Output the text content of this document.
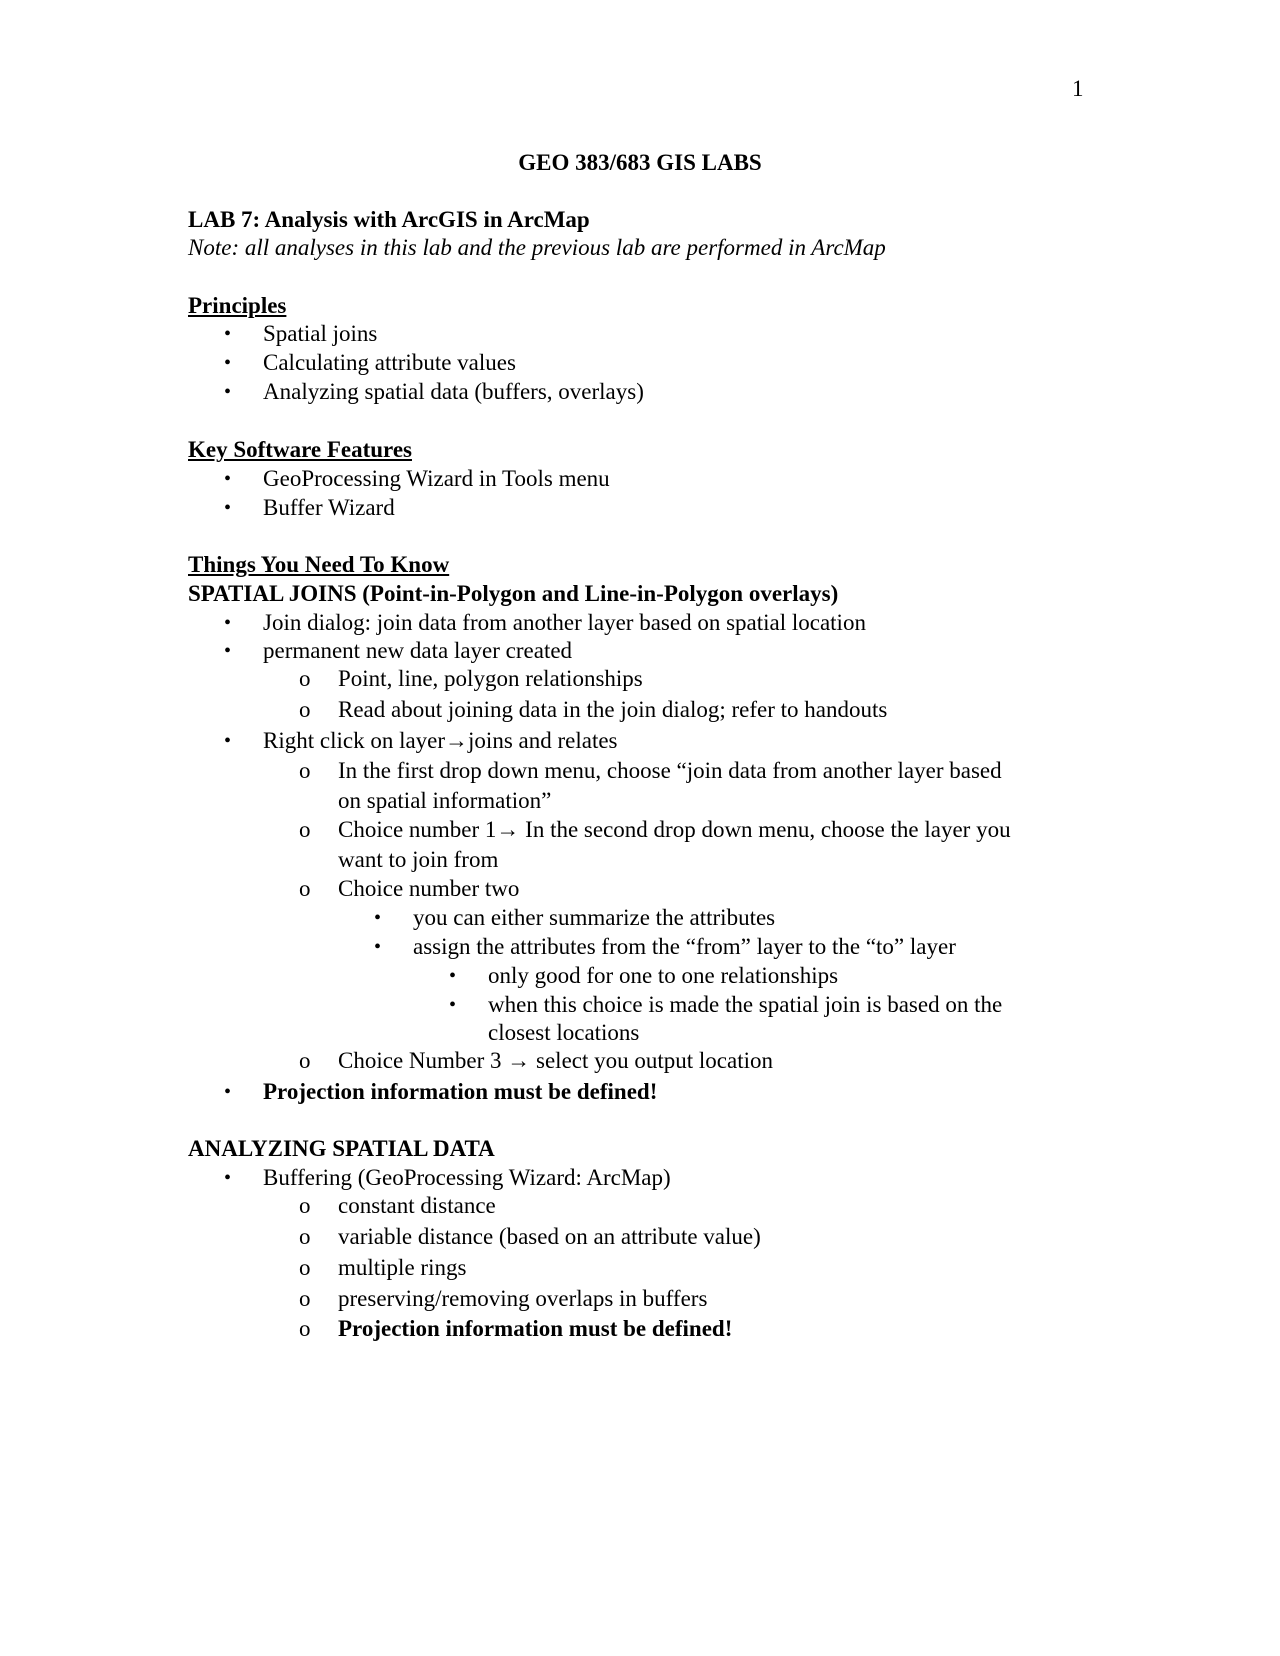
1
GEO 383/683 GIS LABS
LAB 7: Analysis with ArcGIS in ArcMap
Note: all analyses in this lab and the previous lab are performed in ArcMap
Principles
• Spatial joins
• Calculating attribute values
• Analyzing spatial data (buffers, overlays)
Key Software Features
• GeoProcessing Wizard in Tools menu
• Buffer Wizard
Things You Need To Know
SPATIAL JOINS (Point-in-Polygon and Line-in-Polygon overlays)
• Join dialog: join data from another layer based on spatial location
• permanent new data layer created
o Point, line, polygon relationships
o Read about joining data in the join dialog; refer to handouts
• Right click on layer→joins and relates
o In the first drop down menu, choose “join data from another layer based
on spatial information”
o Choice number 1→ In the second drop down menu, choose the layer you
want to join from
o Choice number two
• you can either summarize the attributes
• assign the attributes from the “from” layer to the “to” layer
• only good for one to one relationships
• when this choice is made the spatial join is based on the
closest locations
o Choice Number 3 → select you output location
• Projection information must be defined!
ANALYZING SPATIAL DATA
• Buffering (GeoProcessing Wizard: ArcMap)
o constant distance
o variable distance (based on an attribute value)
o multiple rings
o preserving/removing overlaps in buffers
o Projection information must be defined!
